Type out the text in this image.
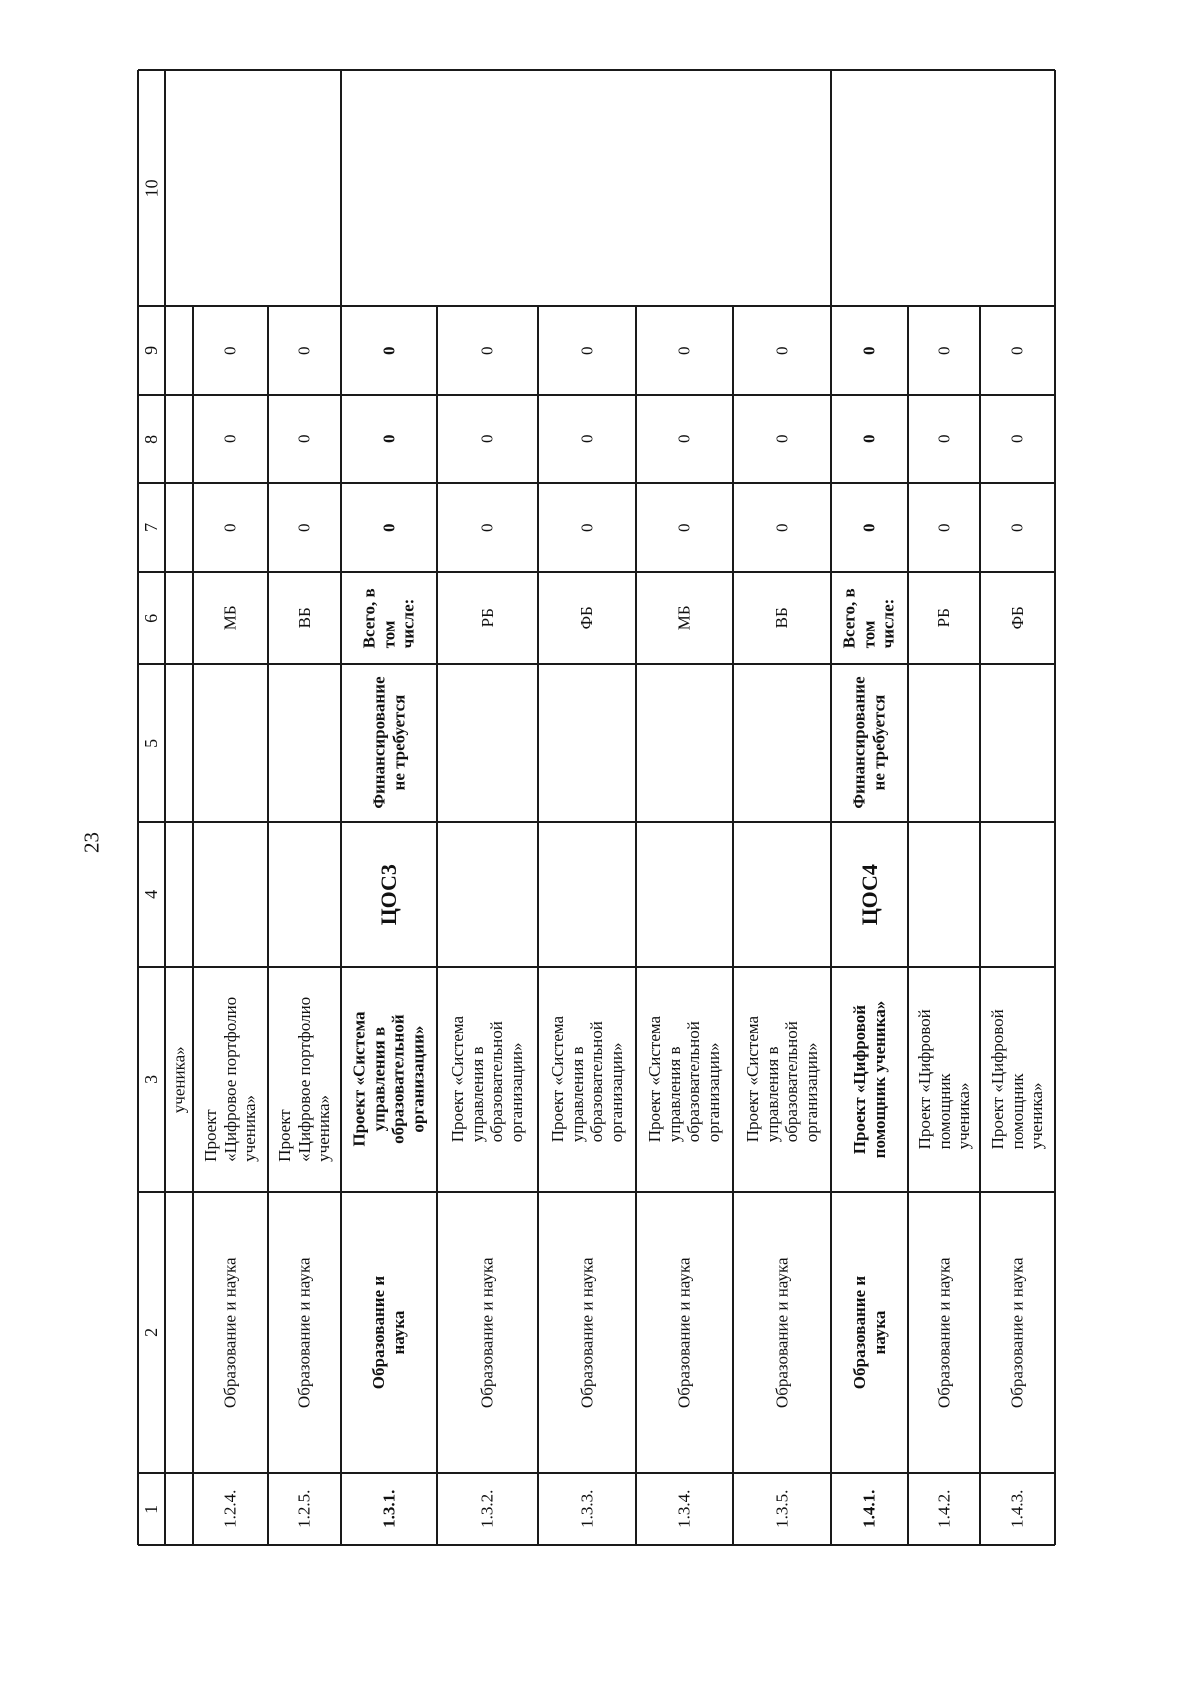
23
1
2
3
4
5
6
7
8
9
10
ученика»
1.2.4.
Образование и наука
Проект
«Цифровое портфолио
ученика»
МБ
0
0
0
1.2.5.
Образование и наука
Проект
«Цифровое портфолио
ученика»
ВБ
0
0
0
1.3.1.
Образование и
наука
Проект «Система
управления в
образовательной
организации»
ЦОС3
Финансирование
не требуется
Всего, в
том
числе:
0
0
0
1.3.2.
Образование и наука
Проект «Система
управления в
образовательной
организации»
РБ
0
0
0
1.3.3.
Образование и наука
Проект «Система
управления в
образовательной
организации»
ФБ
0
0
0
1.3.4.
Образование и наука
Проект «Система
управления в
образовательной
организации»
МБ
0
0
0
1.3.5.
Образование и наука
Проект «Система
управления в
образовательной
организации»
ВБ
0
0
0
1.4.1.
Образование и
наука
Проект «Цифровой
помощник ученика»
ЦОС4
Финансирование
не требуется
Всего, в
том
числе:
0
0
0
1.4.2.
Образование и наука
Проект «Цифровой
помощник
ученика»
РБ
0
0
0
1.4.3.
Образование и наука
Проект «Цифровой
помощник
ученика»
ФБ
0
0
0
